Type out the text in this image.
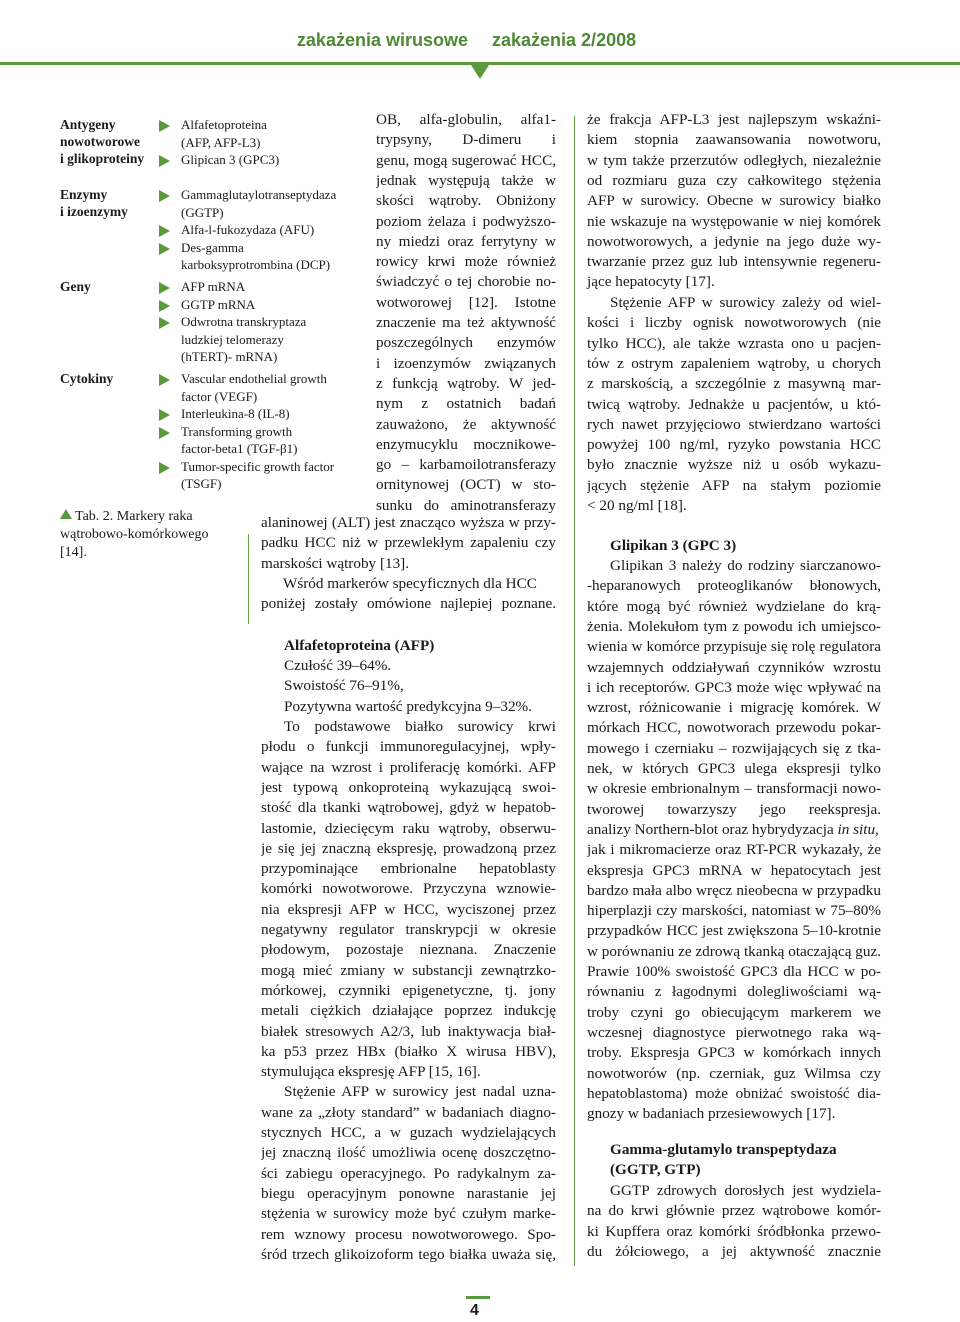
zakażenia wirusowe zakażenia 2/2008
Antygeny
nowotworowe
i glikoproteiny
Alfafetoproteina
(AFP, AFP-L3)
Glipican 3 (GPC3)
Enzymy
i izoenzymy
Gammaglutaylotranseptydaza
(GGTP)
Alfa-l-fukozydaza (AFU)
Des-gamma
karboksyprotrombina (DCP)
Geny	AFP mRNA
GGTP mRNA
Odwrotna transkryptaza
ludzkiej telomerazy
(hTERT)- mRNA)
Cytokiny	Vascular endothelial growth
factor (VEGF)
Interleukina-8 (IL-8)
Transforming growth
factor-beta1 (TGF-β1)
Tumor-specific growth factor
(TSGF)
Tab. 2. Markery raka
wątrobowo-komórkowego
[14].
OB, alfa-globulin, alfa1-
trypsyny, D-dimeru i
genu, mogą sugerować HCC,
jednak występują także w
skości wątroby. Obniżony
poziom żelaza i podwyższo-
ny miedzi oraz ferrytyny w
rowicy krwi może również
świadczyć o tej chorobie no-
wotworowej [12]. Istotne
znaczenie ma też aktywność
poszczególnych enzymów
i izoenzymów związanych
z funkcją wątroby. W jed-
nym z ostatnich badań
zauważono, że aktywność
enzymucyklu mocznikowe-
go – karbamoilotransferazy
ornitynowej (OCT) w sto-
sunku do aminotransferazy
alaninowej (ALT) jest znacząco wyższa w przy-
padku HCC niż w przewlekłym zapaleniu czy
marskości wątroby [13].
Wśród markerów specyficznych dla HCC
poniżej zostały omówione najlepiej poznane.
Alfafetoproteina (AFP)
Czułość 39–64%.
Swoistość 76–91%,
Pozytywna wartość predykcyjna 9–32%.
To podstawowe białko surowicy krwi
płodu o funkcji immunoregulacyjnej, wpły-
wające na wzrost i proliferację komórki. AFP
jest typową onkoproteiną wykazującą swoi-
stość dla tkanki wątrobowej, gdyż w hepatob-
lastomie, dziecięcym raku wątroby, obserwu-
je się jej znaczną ekspresję, prowadzoną przez
przypominające embrionalne hepatoblasty
komórki nowotworowe. Przyczyna wznowie-
nia ekspresji AFP w HCC, wyciszonej przez
negatywny regulator transkrypcji w okresie
płodowym, pozostaje nieznana. Znaczenie
mogą mieć zmiany w substancji zewnątrzko-
mórkowej, czynniki epigenetyczne, tj. jony
metali ciężkich działające poprzez indukcję
białek stresowych A2/3, lub inaktywacja biał-
ka p53 przez HBx (białko X wirusa HBV),
stymulująca ekspresję AFP [15, 16].
Stężenie AFP w surowicy jest nadal uzna-
wane za „złoty standard” w badaniach diagno-
stycznych HCC, a w guzach wydzielających
jej znaczną ilość umożliwia ocenę doszczętno-
ści zabiegu operacyjnego. Po radykalnym za-
biegu operacyjnym ponowne narastanie jej
stężenia w surowicy może być czułym marke-
rem wznowy procesu nowotworowego. Spo-
śród trzech glikoizoform tego białka uważa się,
że frakcja AFP-L3 jest najlepszym wskaźni-
kiem stopnia zaawansowania nowotworu,
w tym także przerzutów odległych, niezależnie
od rozmiaru guza czy całkowitego stężenia
AFP w surowicy. Obecne w surowicy białko
nie wskazuje na występowanie w niej komórek
nowotworowych, a jedynie na jego duże wy-
twarzanie przez guz lub intensywnie regeneru-
jące hepatocyty [17].
Stężenie AFP w surowicy zależy od wiel-
kości i liczby ognisk nowotworowych (nie
tylko HCC), ale także wzrasta ono u pacjen-
tów z ostrym zapaleniem wątroby, u chorych
z marskością, a szczególnie z masywną mar-
twicą wątroby. Jednakże u pacjentów, u któ-
rych nawet przyjęciowo stwierdzano wartości
powyżej 100 ng/ml, ryzyko powstania HCC
było znacznie wyższe niż u osób wykazu-
jących stężenie AFP na stałym poziomie
< 20 ng/ml [18].
Glipikan 3 (GPC 3)
Glipikan 3 należy do rodziny siarczanowo-
-heparanowych proteoglikanów błonowych,
które mogą być również wydzielane do krą-
żenia. Molekułom tym z powodu ich umiejsco-
wienia w komórce przypisuje się rolę regulatora
wzajemnych oddziaływań czynników wzrostu
i ich receptorów. GPC3 może więc wpływać na
wzrost, różnicowanie i migrację komórek. W
mórkach HCC, nowotworach przewodu pokar-
mowego i czerniaku – rozwijających się z tka-
nek, w których GPC3 ulega ekspresji tylko
w okresie embrionalnym – transformacji nowo-
tworowej towarzyszy jego reekspresja.
analizy Northern-blot oraz hybrydyzacja in situ,
jak i mikromacierze oraz RT-PCR wykazały, że
ekspresja GPC3 mRNA w hepatocytach jest
bardzo mała albo wręcz nieobecna w przypadku
hiperplazji czy marskości, natomiast w 75–80%
przypadków HCC jest zwiększona 5–10-krotnie
w porównaniu ze zdrową tkanką otaczającą guz.
Prawie 100% swoistość GPC3 dla HCC w po-
równaniu z łagodnymi dolegliwościami wą-
troby czyni go obiecującym markerem we
wczesnej diagnostyce pierwotnego raka wą-
troby. Ekspresja GPC3 w komórkach innych
nowotworów (np. czerniak, guz Wilmsa czy
hepatoblastoma) może obniżać swoistość dia-
gnozy w badaniach przesiewowych [17].
Gamma-glutamylo transpeptydaza
(GGTP, GTP)
GGTP zdrowych dorosłych jest wydziela-
na do krwi głównie przez wątrobowe komór-
ki Kupffera oraz komórki śródbłonka przewo-
du żółciowego, a jej aktywność znacznie
4
